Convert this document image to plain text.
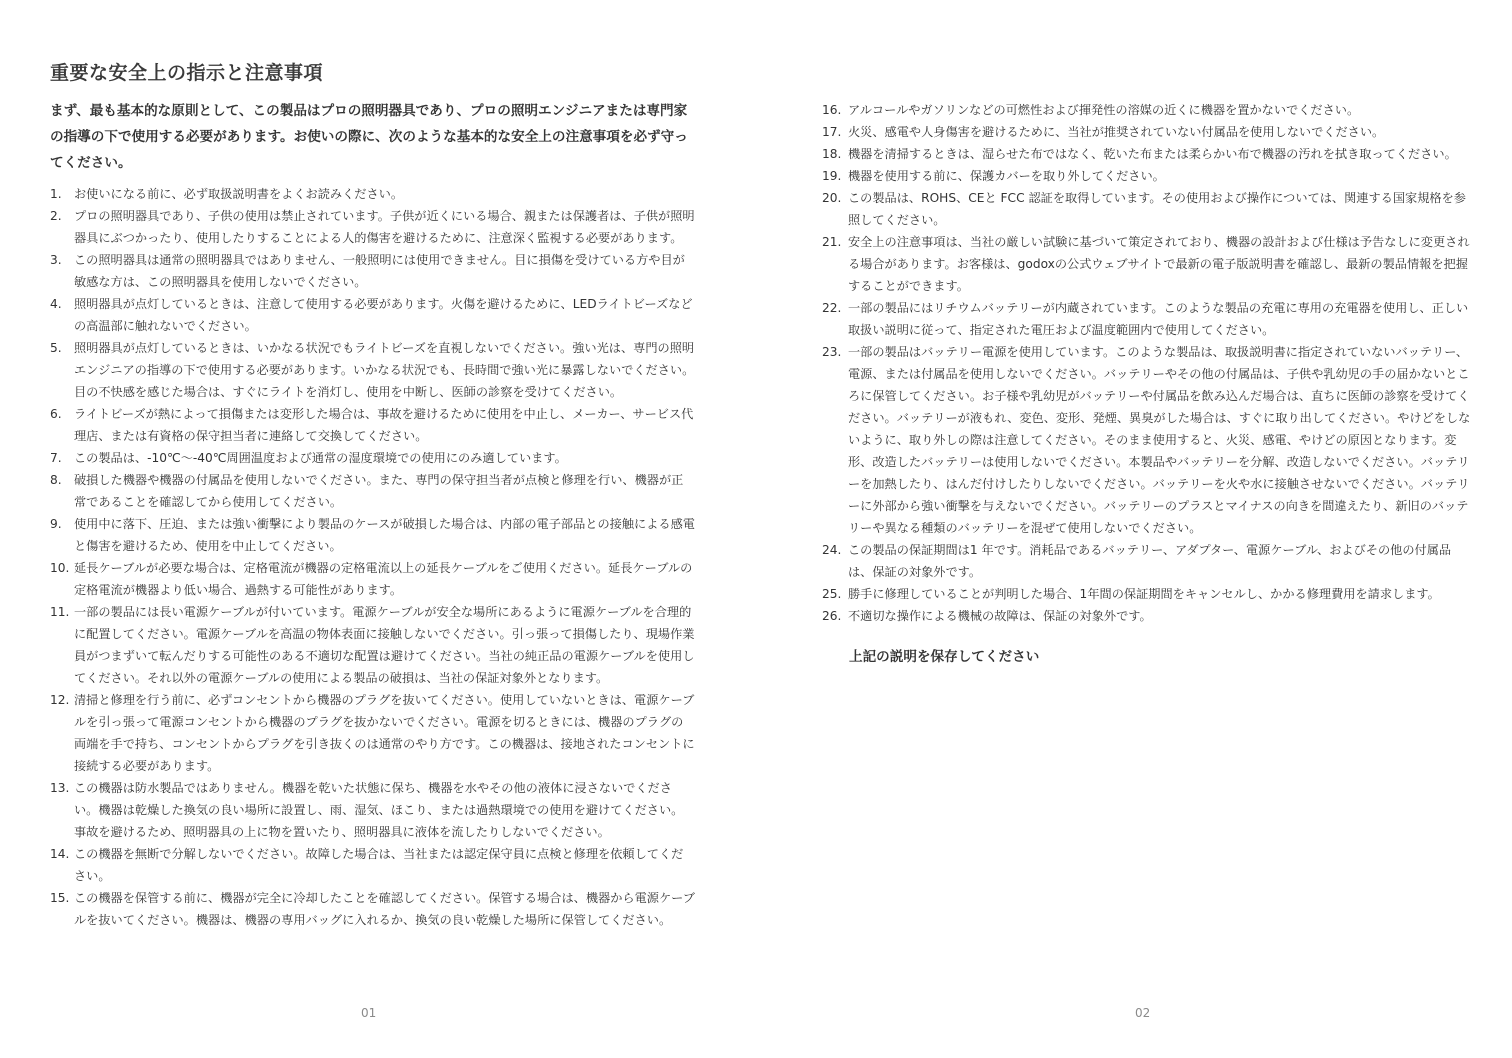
重要な安全上の指示と注意事項

まず、最も基本的な原則として、この製品はプロの照明器具であり、プロの照明エンジニアまたは専門家の指導の下で使用する必要があります。お使いの際に、次のような基本的な安全上の注意事項を必ず守ってください。

1.	お使いになる前に、必ず取扱説明書をよくお読みください。
2.	プロの照明器具であり、子供の使用は禁止されています。子供が近くにいる場合、親または保護者は、子供が照明器具にぶつかったり、使用したりすることによる人的傷害を避けるために、注意深く監視する必要があります。
3.	この照明器具は通常の照明器具ではありません、一般照明には使用できません。目に損傷を受けている方や目が敏感な方は、この照明器具を使用しないでください。
4.	照明器具が点灯しているときは、注意して使用する必要があります。火傷を避けるために、LEDライトビーズなどの高温部に触れないでください。
5.	照明器具が点灯しているときは、いかなる状況でもライトビーズを直視しないでください。強い光は、専門の照明エンジニアの指導の下で使用する必要があります。いかなる状況でも、長時間で強い光に暴露しないでください。目の不快感を感じた場合は、すぐにライトを消灯し、使用を中断し、医師の診察を受けてください。
6.	ライトビーズが熱によって損傷または変形した場合は、事故を避けるために使用を中止し、メーカー、サービス代理店、または有資格の保守担当者に連絡して交換してください。
7.	この製品は、-10℃～-40℃周囲温度および通常の湿度環境での使用にのみ適しています。
8.	破損した機器や機器の付属品を使用しないでください。また、専門の保守担当者が点検と修理を行い、機器が正常であることを確認してから使用してください。
9.	使用中に落下、圧迫、または強い衝撃により製品のケースが破損した場合は、内部の電子部品との接触による感電と傷害を避けるため、使用を中止してください。
10. 延長ケーブルが必要な場合は、定格電流が機器の定格電流以上の延長ケーブルをご使用ください。延長ケーブルの定格電流が機器より低い場合、過熱する可能性があります。
11. 一部の製品には長い電源ケーブルが付いています。電源ケーブルが安全な場所にあるように電源ケーブルを合理的に配置してください。電源ケーブルを高温の物体表面に接触しないでください。引っ張って損傷したり、現場作業員がつまずいて転んだりする可能性のある不適切な配置は避けてください。当社の純正品の電源ケーブルを使用してください。それ以外の電源ケーブルの使用による製品の破損は、当社の保証対象外となります。
12. 清掃と修理を行う前に、必ずコンセントから機器のプラグを抜いてください。使用していないときは、電源ケーブルを引っ張って電源コンセントから機器のプラグを抜かないでください。電源を切るときには、機器のプラグの両端を手で持ち、コンセントからプラグを引き抜くのは通常のやり方です。この機器は、接地されたコンセントに接続する必要があります。
13. この機器は防水製品ではありません。機器を乾いた状態に保ち、機器を水やその他の液体に浸さないでください。機器は乾燥した換気の良い場所に設置し、雨、湿気、ほこり、または過熱環境での使用を避けてください。事故を避けるため、照明器具の上に物を置いたり、照明器具に液体を流したりしないでください。
14. この機器を無断で分解しないでください。故障した場合は、当社または認定保守員に点検と修理を依頼してください。
15. この機器を保管する前に、機器が完全に冷却したことを確認してください。保管する場合は、機器から電源ケーブルを抜いてください。機器は、機器の専用バッグに入れるか、換気の良い乾燥した場所に保管してください。
01
16. アルコールやガソリンなどの可燃性および揮発性の溶媒の近くに機器を置かないでください。
17. 火災、感電や人身傷害を避けるために、当社が推奨されていない付属品を使用しないでください。
18. 機器を清掃するときは、湿らせた布ではなく、乾いた布または柔らかい布で機器の汚れを拭き取ってください。
19. 機器を使用する前に、保護カバーを取り外してください。
20. この製品は、ROHS、CEと FCC 認証を取得しています。その使用および操作については、関連する国家規格を参照してください。
21. 安全上の注意事項は、当社の厳しい試験に基づいて策定されており、機器の設計および仕様は予告なしに変更される場合があります。お客様は、godoxの公式ウェブサイトで最新の電子版説明書を確認し、最新の製品情報を把握することができます。
22. 一部の製品にはリチウムバッテリーが内蔵されています。このような製品の充電に専用の充電器を使用し、正しい取扱い説明に従って、指定された電圧および温度範囲内で使用してください。
23. 一部の製品はバッテリー電源を使用しています。このような製品は、取扱説明書に指定されていないバッテリー、電源、または付属品を使用しないでください。バッテリーやその他の付属品は、子供や乳幼児の手の届かないところに保管してください。お子様や乳幼児がバッテリーや付属品を飲み込んだ場合は、直ちに医師の診察を受けてください。バッテリーが液もれ、変色、変形、発煙、異臭がした場合は、すぐに取り出してください。やけどをしないように、取り外しの際は注意してください。そのまま使用すると、火災、感電、やけどの原因となります。変形、改造したバッテリーは使用しないでください。本製品やバッテリーを分解、改造しないでください。バッテリーを加熱したり、はんだ付けしたりしないでください。バッテリーを火や水に接触させないでください。バッテリーに外部から強い衝撃を与えないでください。バッテリーのプラスとマイナスの向きを間違えたり、新旧のバッテリーや異なる種類のバッテリーを混ぜて使用しないでください。
24. この製品の保証期間は1 年です。消耗品であるバッテリー、アダプター、電源ケーブル、およびその他の付属品は、保証の対象外です。
25. 勝手に修理していることが判明した場合、1年間の保証期間をキャンセルし、かかる修理費用を請求します。
26. 不適切な操作による機械の故障は、保証の対象外です。
上記の説明を保存してください
02
